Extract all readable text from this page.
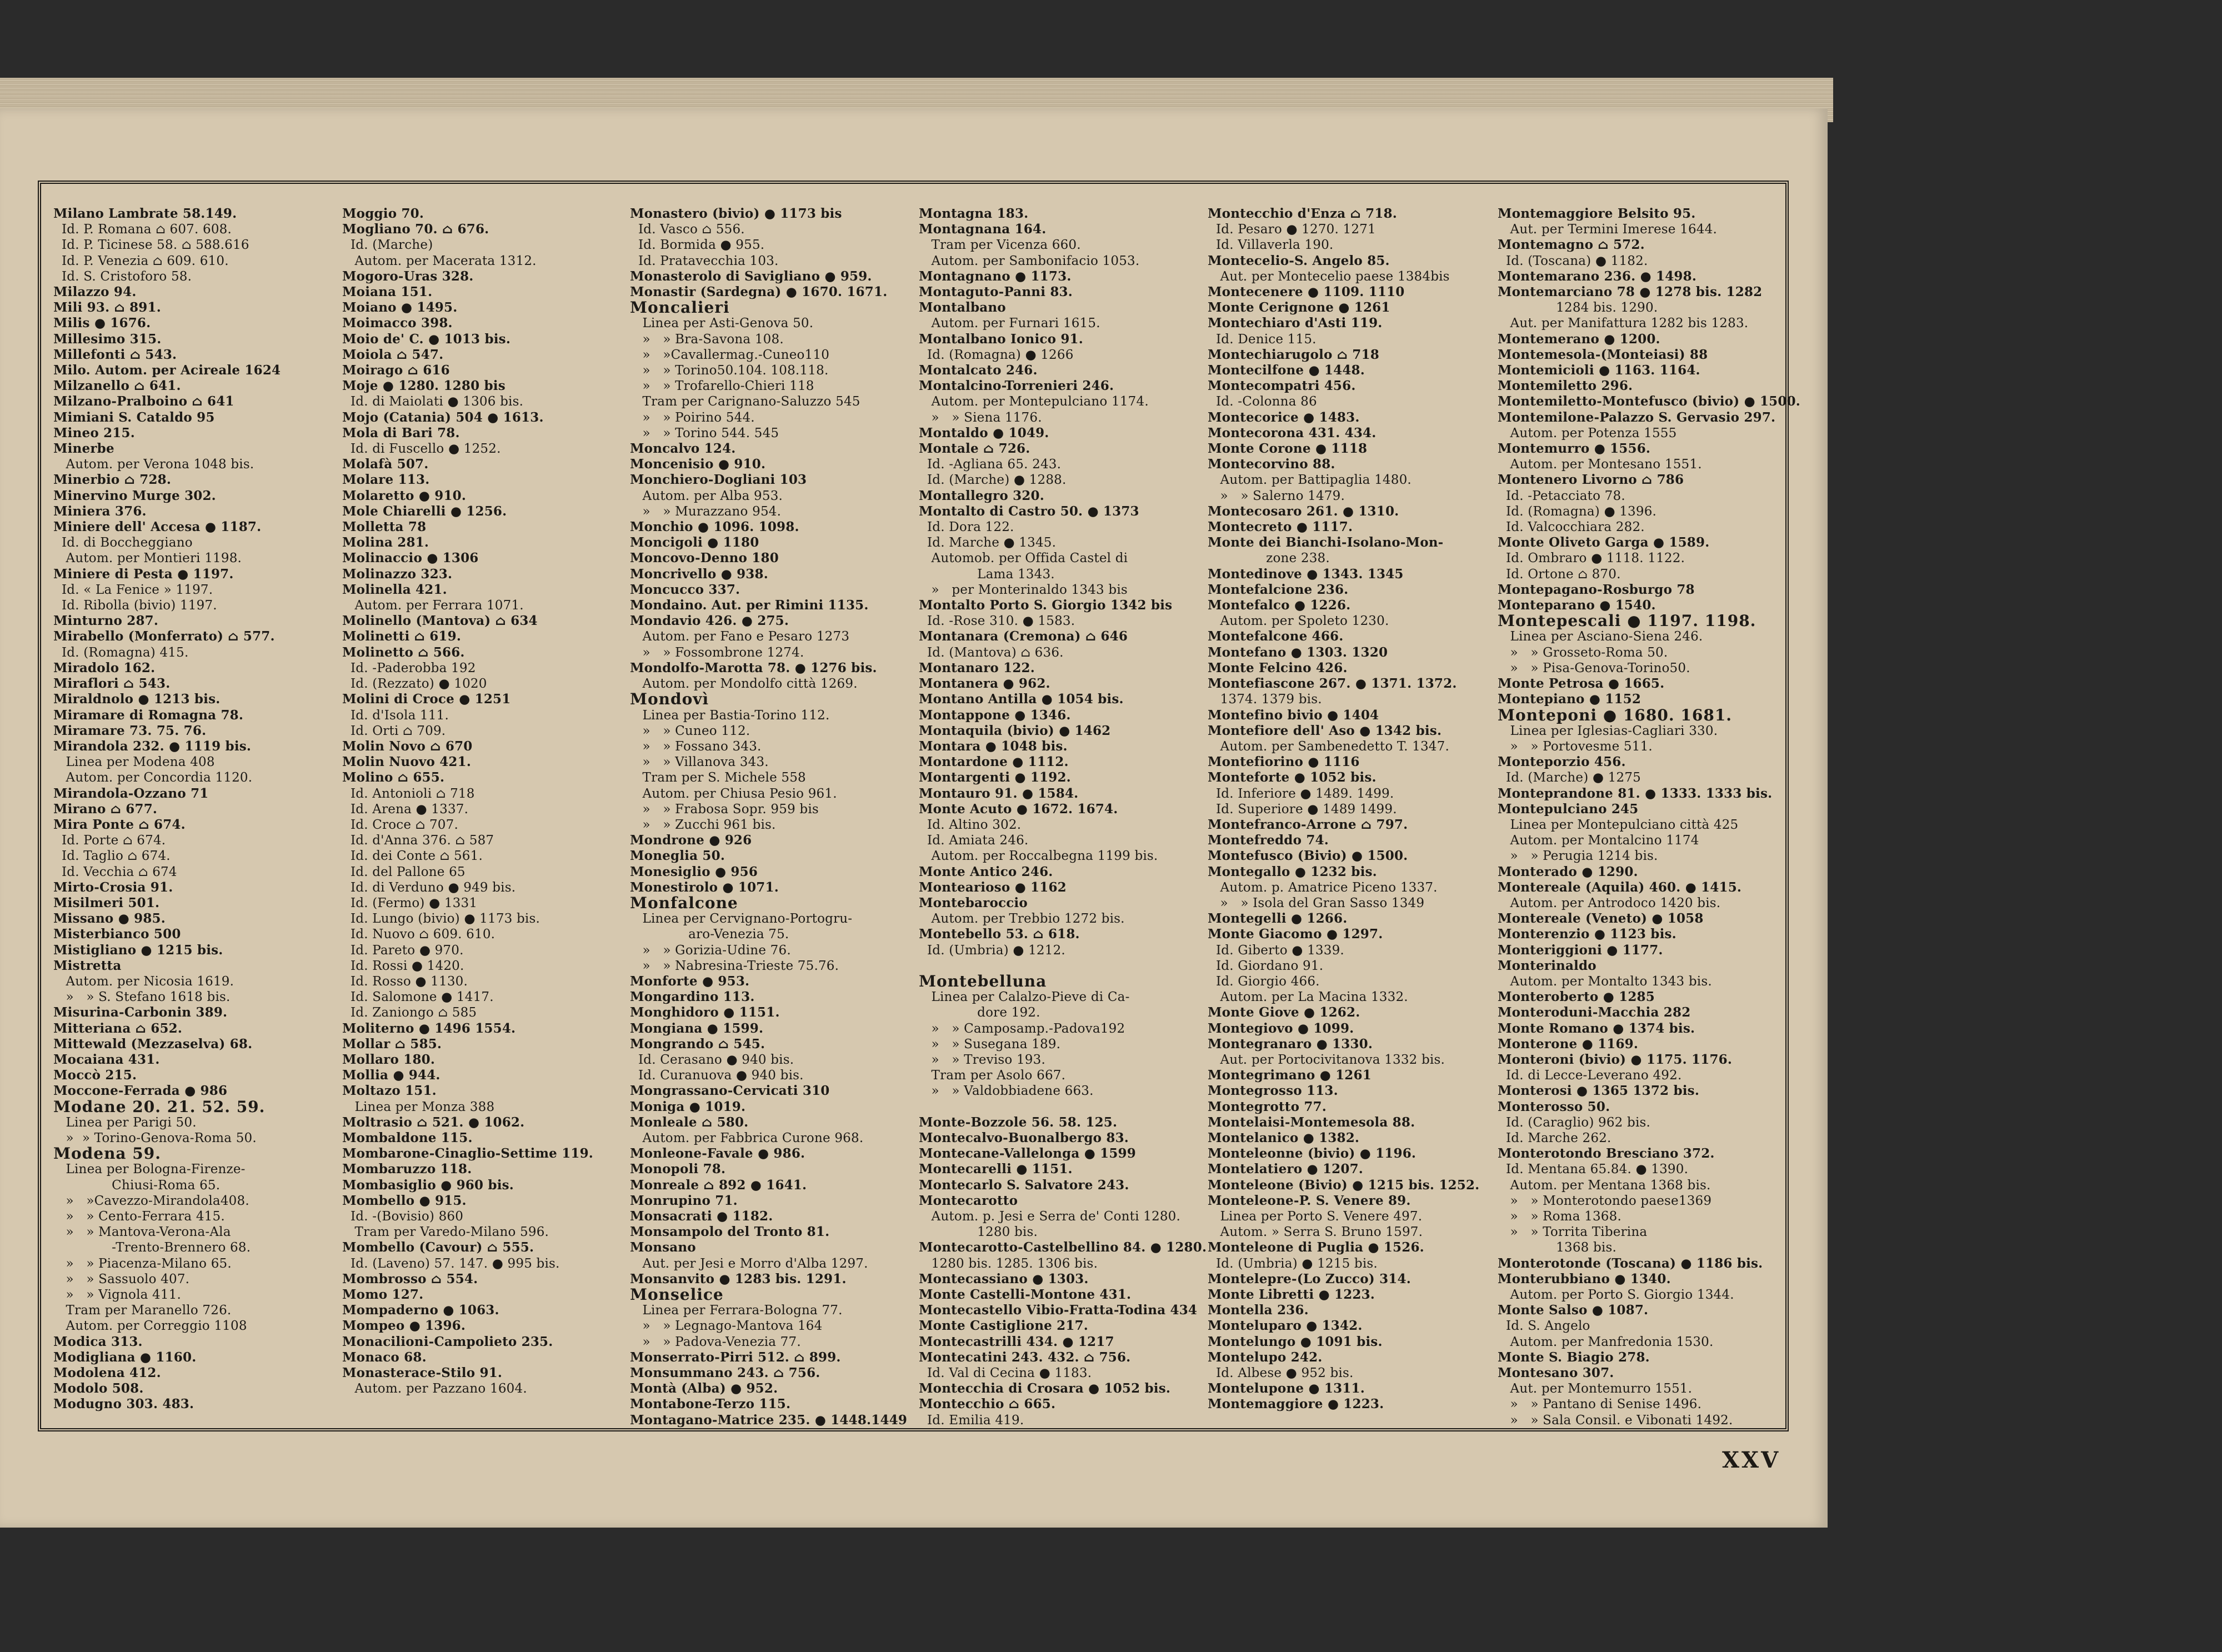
Milano Lambrate 58.149.
Id. P. Romana ⌂ 607. 608.
Id. P. Ticinese 58. ⌂ 588.616
Id. P. Venezia ⌂ 609. 610.
Id. S. Cristoforo 58.
Milazzo 94.
Mili 93. ⌂ 891.
Milis ● 1676.
Millesimo 315.
Millefonti ⌂ 543.
Milo. Autom. per Acireale 1624
Milzanello ⌂ 641.
Milzano-Pralboino ⌂ 641
Mimiani S. Cataldo 95
Mineo 215.
Minerbe
Autom. per Verona 1048 bis.
Minerbio ⌂ 728.
Minervino Murge 302.
Miniera 376.
Miniere dell' Accesa ● 1187.
Id. di Boccheggiano
Autom. per Montieri 1198.
Miniere di Pesta ● 1197.
Id. « La Fenice » 1197.
Id. Ribolla (bivio) 1197.
Minturno 287.
Mirabello (Monferrato) ⌂ 577.
Id. (Romagna) 415.
Miradolo 162.
Miraflori ⌂ 543.
Miraldnolo ● 1213 bis.
Miramare di Romagna 78.
Miramare 73. 75. 76.
Mirandola 232. ● 1119 bis.
Linea per Modena 408
Autom. per Concordia 1120.
Mirandola-Ozzano 71
Mirano ⌂ 677.
Mira Ponte ⌂ 674.
Id. Porte ⌂ 674.
Id. Taglio ⌂ 674.
Id. Vecchia ⌂ 674
Mirto-Crosia 91.
Misilmeri 501.
Missano ● 985.
Misterbianco 500
Mistigliano ● 1215 bis.
Mistretta
Autom. per Nicosia 1619.
»   » S. Stefano 1618 bis.
Misurina-Carbonin 389.
Mitteriana ⌂ 652.
Mittewald (Mezzaselva) 68.
Mocaiana 431.
Moccò 215.
Moccone-Ferrada ● 986
Modane 20. 21. 52. 59.
Linea per Parigi 50.
»  » Torino-Genova-Roma 50.
Modena 59.
Linea per Bologna-Firenze-
Chiusi-Roma 65.
»   »Cavezzo-Mirandola408.
»   » Cento-Ferrara 415.
»   » Mantova-Verona-Ala
-Trento-Brennero 68.
»   » Piacenza-Milano 65.
»   » Sassuolo 407.
»   » Vignola 411.
Tram per Maranello 726.
Autom. per Correggio 1108
Modica 313.
Modigliana ● 1160.
Modolena 412.
Modolo 508.
Modugno 303. 483.
Moggio 70.
Mogliano 70. ⌂ 676.
Id. (Marche)
Autom. per Macerata 1312.
Mogoro-Uras 328.
Moiana 151.
Moiano ● 1495.
Moimacco 398.
Moio de' C. ● 1013 bis.
Moiola ⌂ 547.
Moirago ⌂ 616
Moje ● 1280. 1280 bis
Id. di Maiolati ● 1306 bis.
Mojo (Catania) 504 ● 1613.
Mola di Bari 78.
Id. di Fuscello ● 1252.
Molafà 507.
Molare 113.
Molaretto ● 910.
Mole Chiarelli ● 1256.
Molletta 78
Molina 281.
Molinaccio ● 1306
Molinazzo 323.
Molinella 421.
Autom. per Ferrara 1071.
Molinello (Mantova) ⌂ 634
Molinetti ⌂ 619.
Molinetto ⌂ 566.
Id. -Paderobba 192
Id. (Rezzato) ● 1020
Molini di Croce ● 1251
Id. d'Isola 111.
Id. Orti ⌂ 709.
Molin Novo ⌂ 670
Molin Nuovo 421.
Molino ⌂ 655.
Id. Antonioli ⌂ 718
Id. Arena ● 1337.
Id. Croce ⌂ 707.
Id. d'Anna 376. ⌂ 587
Id. dei Conte ⌂ 561.
Id. del Pallone 65
Id. di Verduno ● 949 bis.
Id. (Fermo) ● 1331
Id. Lungo (bivio) ● 1173 bis.
Id. Nuovo ⌂ 609. 610.
Id. Pareto ● 970.
Id. Rossi ● 1420.
Id. Rosso ● 1130.
Id. Salomone ● 1417.
Id. Zaniongo ⌂ 585
Moliterno ● 1496 1554.
Mollar ⌂ 585.
Mollaro 180.
Mollia ● 944.
Moltazo 151.
Linea per Monza 388
Moltrasio ⌂ 521. ● 1062.
Mombaldone 115.
Mombarone-Cinaglio-Settime 119.
Mombaruzzo 118.
Mombasiglio ● 960 bis.
Mombello ● 915.
Id. -(Bovisio) 860
Tram per Varedo-Milano 596.
Mombello (Cavour) ⌂ 555.
Id. (Laveno) 57. 147. ● 995 bis.
Mombrosso ⌂ 554.
Momo 127.
Mompaderno ● 1063.
Mompeo ● 1396.
Monacilioni-Campolieto 235.
Monaco 68.
Monasterace-Stilo 91.
Autom. per Pazzano 1604.
Monastero (bivio) ● 1173 bis
Id. Vasco ⌂ 556.
Id. Bormida ● 955.
Id. Pratavecchia 103.
Monasterolo di Savigliano ● 959.
Monastir (Sardegna) ● 1670. 1671.
Moncalieri
Linea per Asti-Genova 50.
»   » Bra-Savona 108.
»   »Cavallermag.-Cuneo110
»   » Torino50.104. 108.118.
»   » Trofarello-Chieri 118
Tram per Carignano-Saluzzo 545
»   » Poirino 544.
»   » Torino 544. 545
Moncalvo 124.
Moncenisio ● 910.
Monchiero-Dogliani 103
Autom. per Alba 953.
»   » Murazzano 954.
Monchio ● 1096. 1098.
Moncigoli ● 1180
Moncovo-Denno 180
Moncrivello ● 938.
Moncucco 337.
Mondaino. Aut. per Rimini 1135.
Mondavio 426. ● 275.
Autom. per Fano e Pesaro 1273
»   » Fossombrone 1274.
Mondolfo-Marotta 78. ● 1276 bis.
Autom. per Mondolfo città 1269.
Mondovì
Linea per Bastia-Torino 112.
»   » Cuneo 112.
»   » Fossano 343.
»   » Villanova 343.
Tram per S. Michele 558
Autom. per Chiusa Pesio 961.
»   » Frabosa Sopr. 959 bis
»   » Zucchi 961 bis.
Mondrone ● 926
Moneglia 50.
Monesiglio ● 956
Monestirolo ● 1071.
Monfalcone
Linea per Cervignano-Portogru-
aro-Venezia 75.
»   » Gorizia-Udine 76.
»   » Nabresina-Trieste 75.76.
Monforte ● 953.
Mongardino 113.
Monghidoro ● 1151.
Mongiana ● 1599.
Mongrando ⌂ 545.
Id. Cerasano ● 940 bis.
Id. Curanuova ● 940 bis.
Mongrassano-Cervicati 310
Moniga ● 1019.
Monleale ⌂ 580.
Autom. per Fabbrica Curone 968.
Monleone-Favale ● 986.
Monopoli 78.
Monreale ⌂ 892 ● 1641.
Monrupino 71.
Monsacrati ● 1182.
Monsampolo del Tronto 81.
Monsano
Aut. per Jesi e Morro d'Alba 1297.
Monsanvito ● 1283 bis. 1291.
Monselice
Linea per Ferrara-Bologna 77.
»   » Legnago-Mantova 164
»   » Padova-Venezia 77.
Monserrato-Pirri 512. ⌂ 899.
Monsummano 243. ⌂ 756.
Montà (Alba) ● 952.
Montabone-Terzo 115.
Montagano-Matrice 235. ● 1448.1449
Montagna 183.
Montagnana 164.
Tram per Vicenza 660.
Autom. per Sambonifacio 1053.
Montagnano ● 1173.
Montaguto-Panni 83.
Montalbano
Autom. per Furnari 1615.
Montalbano Ionico 91.
Id. (Romagna) ● 1266
Montalcato 246.
Montalcino-Torrenieri 246.
Autom. per Montepulciano 1174.
»   » Siena 1176.
Montaldo ● 1049.
Montale ⌂ 726.
Id. -Agliana 65. 243.
Id. (Marche) ● 1288.
Montallegro 320.
Montalto di Castro 50. ● 1373
Id. Dora 122.
Id. Marche ● 1345.
Automob. per Offida Castel di
Lama 1343.
»   per Monterinaldo 1343 bis
Montalto Porto S. Giorgio 1342 bis
Id. -Rose 310. ● 1583.
Montanara (Cremona) ⌂ 646
Id. (Mantova) ⌂ 636.
Montanaro 122.
Montanera ● 962.
Montano Antilla ● 1054 bis.
Montappone ● 1346.
Montaquila (bivio) ● 1462
Montara ● 1048 bis.
Montardone ● 1112.
Montargenti ● 1192.
Montauro 91. ● 1584.
Monte Acuto ● 1672. 1674.
Id. Altino 302.
Id. Amiata 246.
Autom. per Roccalbegna 1199 bis.
Monte Antico 246.
Montearioso ● 1162
Montebaroccio
Autom. per Trebbio 1272 bis.
Montebello 53. ⌂ 618.
Id. (Umbria) ● 1212.

Montebelluna
Linea per Calalzo-Pieve di Ca-
dore 192.
»   » Camposamp.-Padova192
»   » Susegana 189.
»   » Treviso 193.
Tram per Asolo 667.
»   » Valdobbiadene 663.

Monte-Bozzole 56. 58. 125.
Montecalvo-Buonalbergo 83.
Montecane-Vallelonga ● 1599
Montecarelli ● 1151.
Montecarlo S. Salvatore 243.
Montecarotto
Autom. p. Jesi e Serra de' Conti 1280.
1280 bis.
Montecarotto-Castelbellino 84. ● 1280.
1280 bis. 1285. 1306 bis.
Montecassiano ● 1303.
Monte Castelli-Montone 431.
Montecastello Vibio-Fratta-Todina 434
Monte Castiglione 217.
Montecastrilli 434. ● 1217
Montecatini 243. 432. ⌂ 756.
Id. Val di Cecina ● 1183.
Montecchia di Crosara ● 1052 bis.
Montecchio ⌂ 665.
Id. Emilia 419.
Montecchio d'Enza ⌂ 718.
Id. Pesaro ● 1270. 1271
Id. Villaverla 190.
Montecelio-S. Angelo 85.
Aut. per Montecelio paese 1384bis
Montecenere ● 1109. 1110
Monte Cerignone ● 1261
Montechiaro d'Asti 119.
Id. Denice 115.
Montechiarugolo ⌂ 718
Montecilfone ● 1448.
Montecompatri 456.
Id. -Colonna 86
Montecorice ● 1483.
Montecorona 431. 434.
Monte Corone ● 1118
Montecorvino 88.
Autom. per Battipaglia 1480.
»   » Salerno 1479.
Montecosaro 261. ● 1310.
Montecreto ● 1117.
Monte dei Bianchi-Isolano-Mon-
zone 238.
Montedinove ● 1343. 1345
Montefalcione 236.
Montefalco ● 1226.
Autom. per Spoleto 1230.
Montefalcone 466.
Montefano ● 1303. 1320
Monte Felcino 426.
Montefiascone 267. ● 1371. 1372.
1374. 1379 bis.
Montefino bivio ● 1404
Montefiore dell' Aso ● 1342 bis.
Autom. per Sambenedetto T. 1347.
Montefiorino ● 1116
Monteforte ● 1052 bis.
Id. Inferiore ● 1489. 1499.
Id. Superiore ● 1489 1499.
Montefranco-Arrone ⌂ 797.
Montefreddo 74.
Montefusco (Bivio) ● 1500.
Montegallo ● 1232 bis.
Autom. p. Amatrice Piceno 1337.
»   » Isola del Gran Sasso 1349
Montegelli ● 1266.
Monte Giacomo ● 1297.
Id. Giberto ● 1339.
Id. Giordano 91.
Id. Giorgio 466.
Autom. per La Macina 1332.
Monte Giove ● 1262.
Montegiovo ● 1099.
Montegranaro ● 1330.
Aut. per Portocivitanova 1332 bis.
Montegrimano ● 1261
Montegrosso 113.
Montegrotto 77.
Montelaisi-Montemesola 88.
Montelanico ● 1382.
Monteleonne (bivio) ● 1196.
Montelatiero ● 1207.
Monteleone (Bivio) ● 1215 bis. 1252.
Monteleone-P. S. Venere 89.
Linea per Porto S. Venere 497.
Autom. » Serra S. Bruno 1597.
Monteleone di Puglia ● 1526.
Id. (Umbria) ● 1215 bis.
Montelepre-(Lo Zucco) 314.
Monte Libretti ● 1223.
Montella 236.
Monteluparo ● 1342.
Montelungo ● 1091 bis.
Montelupo 242.
Id. Albese ● 952 bis.
Montelupone ● 1311.
Montemaggiore ● 1223.
Montemaggiore Belsito 95.
Aut. per Termini Imerese 1644.
Montemagno ⌂ 572.
Id. (Toscana) ● 1182.
Montemarano 236. ● 1498.
Montemarciano 78 ● 1278 bis. 1282
1284 bis. 1290.
Aut. per Manifattura 1282 bis 1283.
Montemerano ● 1200.
Montemesola-(Monteiasi) 88
Montemicioli ● 1163. 1164.
Montemiletto 296.
Montemiletto-Montefusco (bivio) ● 1500.
Montemilone-Palazzo S. Gervasio 297.
Autom. per Potenza 1555
Montemurro ● 1556.
Autom. per Montesano 1551.
Montenero Livorno ⌂ 786
Id. -Petacciato 78.
Id. (Romagna) ● 1396.
Id. Valcocchiara 282.
Monte Oliveto Garga ● 1589.
Id. Ombraro ● 1118. 1122.
Id. Ortone ⌂ 870.
Montepagano-Rosburgo 78
Monteparano ● 1540.
Montepescali ● 1197. 1198.
Linea per Asciano-Siena 246.
»   » Grosseto-Roma 50.
»   » Pisa-Genova-Torino50.
Monte Petrosa ● 1665.
Montepiano ● 1152
Monteponi ● 1680. 1681.
Linea per Iglesias-Cagliari 330.
»   » Portovesme 511.
Monteporzio 456.
Id. (Marche) ● 1275
Monteprandone 81. ● 1333. 1333 bis.
Montepulciano 245
Linea per Montepulciano città 425
Autom. per Montalcino 1174
»   » Perugia 1214 bis.
Monterado ● 1290.
Montereale (Aquila) 460. ● 1415.
Autom. per Antrodoco 1420 bis.
Montereale (Veneto) ● 1058
Monterenzio ● 1123 bis.
Monteriggioni ● 1177.
Monterinaldo
Autom. per Montalto 1343 bis.
Monteroberto ● 1285
Monteroduni-Macchia 282
Monte Romano ● 1374 bis.
Monterone ● 1169.
Monteroni (bivio) ● 1175. 1176.
Id. di Lecce-Leverano 492.
Monterosi ● 1365 1372 bis.
Monterosso 50.
Id. (Caraglio) 962 bis.
Id. Marche 262.
Monterotondo Bresciano 372.
Id. Mentana 65.84. ● 1390.
Autom. per Mentana 1368 bis.
»   » Monterotondo paese1369
»   » Roma 1368.
»   » Torrita Tiberina
1368 bis.
Monterotonde (Toscana) ● 1186 bis.
Monterubbiano ● 1340.
Autom. per Porto S. Giorgio 1344.
Monte Salso ● 1087.
Id. S. Angelo
Autom. per Manfredonia 1530.
Monte S. Biagio 278.
Montesano 307.
Aut. per Montemurro 1551.
»   » Pantano di Senise 1496.
»   » Sala Consil. e Vibonati 1492.
XXV
